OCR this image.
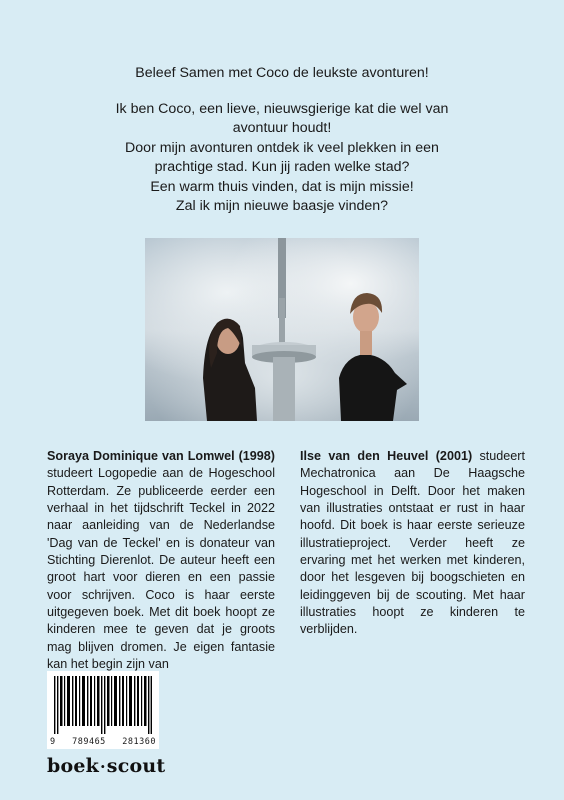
Beleef Samen met Coco de leukste avonturen!

Ik ben Coco, een lieve, nieuwsgierige kat die wel van

avontuur houdt!

Door mijn avonturen ontdek ik veel plekken in een

prachtige stad. Kun jij raden welke stad?

Een warm thuis vinden, dat is mijn missie!

Zal ik mijn nieuwe baasje vinden?

Soraya Dominique van Lomwel (1998) studeert Logopedie aan de Hogeschool Rotterdam. Ze publiceerde eerder een verhaal in het tijdschrift Teckel in 2022 naar aanleiding van de Nederlandse 'Dag van de Teckel' en is donateur van Stichting Dierenlot. De auteur heeft een groot hart voor dieren en een passie voor schrijven. Coco is haar eerste uitgegeven boek. Met dit boek hoopt ze kinderen mee te geven dat je groots mag blijven dromen. Je eigen fantasie kan het begin zijn van
Ilse van den Heuvel (2001) studeert Mechatronica aan De Haagsche Hogeschool in Delft. Door het maken van illustraties ontstaat er rust in haar hoofd. Dit boek is haar eerste serieuze illustratieproject. Verder heeft ze ervaring met het werken met kinderen, door het lesgeven bij boogschieten en leidinggeven bij de scouting. Met haar illustraties hoopt ze kinderen te verblijden.
9 789465 281360
boek·scout
